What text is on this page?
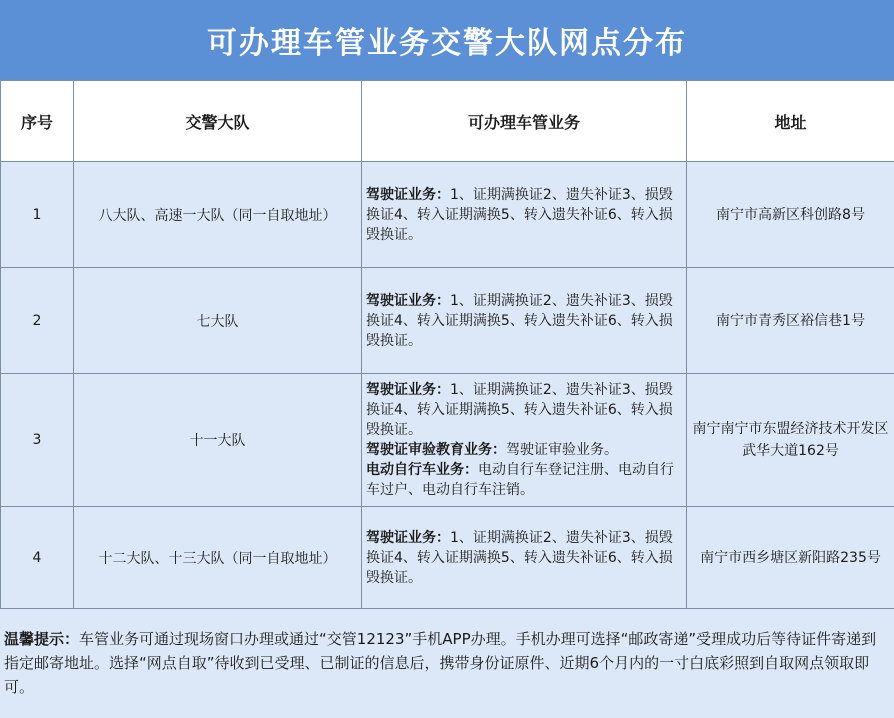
可办理车管业务交警大队网点分布
序号	交警大队	可办理车管业务	地址
1	八大队、高速一大队（同一自取地址）	驾驶证业务：1、证期满换证2、遗失补证3、损毁换证4、转入证期满换5、转入遗失补证6、转入损毁换证。	南宁市高新区科创路8号
2	七大队	驾驶证业务：1、证期满换证2、遗失补证3、损毁换证4、转入证期满换5、转入遗失补证6、转入损毁换证。	南宁市青秀区裕信巷1号
3	十一大队	驾驶证业务：1、证期满换证2、遗失补证3、损毁换证4、转入证期满换5、转入遗失补证6、转入损毁换证。
驾驶证审验教育业务：驾驶证审验业务。
电动自行车业务：电动自行车登记注册、电动自行车过户、电动自行车注销。	南宁南宁市东盟经济技术开发区武华大道162号
4	十二大队、十三大队（同一自取地址）	驾驶证业务：1、证期满换证2、遗失补证3、损毁换证4、转入证期满换5、转入遗失补证6、转入损毁换证。	南宁市西乡塘区新阳路235号
温馨提示：车管业务可通过现场窗口办理或通过“交管12123”手机APP办理。手机办理可选择“邮政寄递”受理成功后等待证件寄递到指定邮寄地址。选择“网点自取”待收到已受理、已制证的信息后，携带身份证原件、近期6个月内的一寸白底彩照到自取网点领取即可。
